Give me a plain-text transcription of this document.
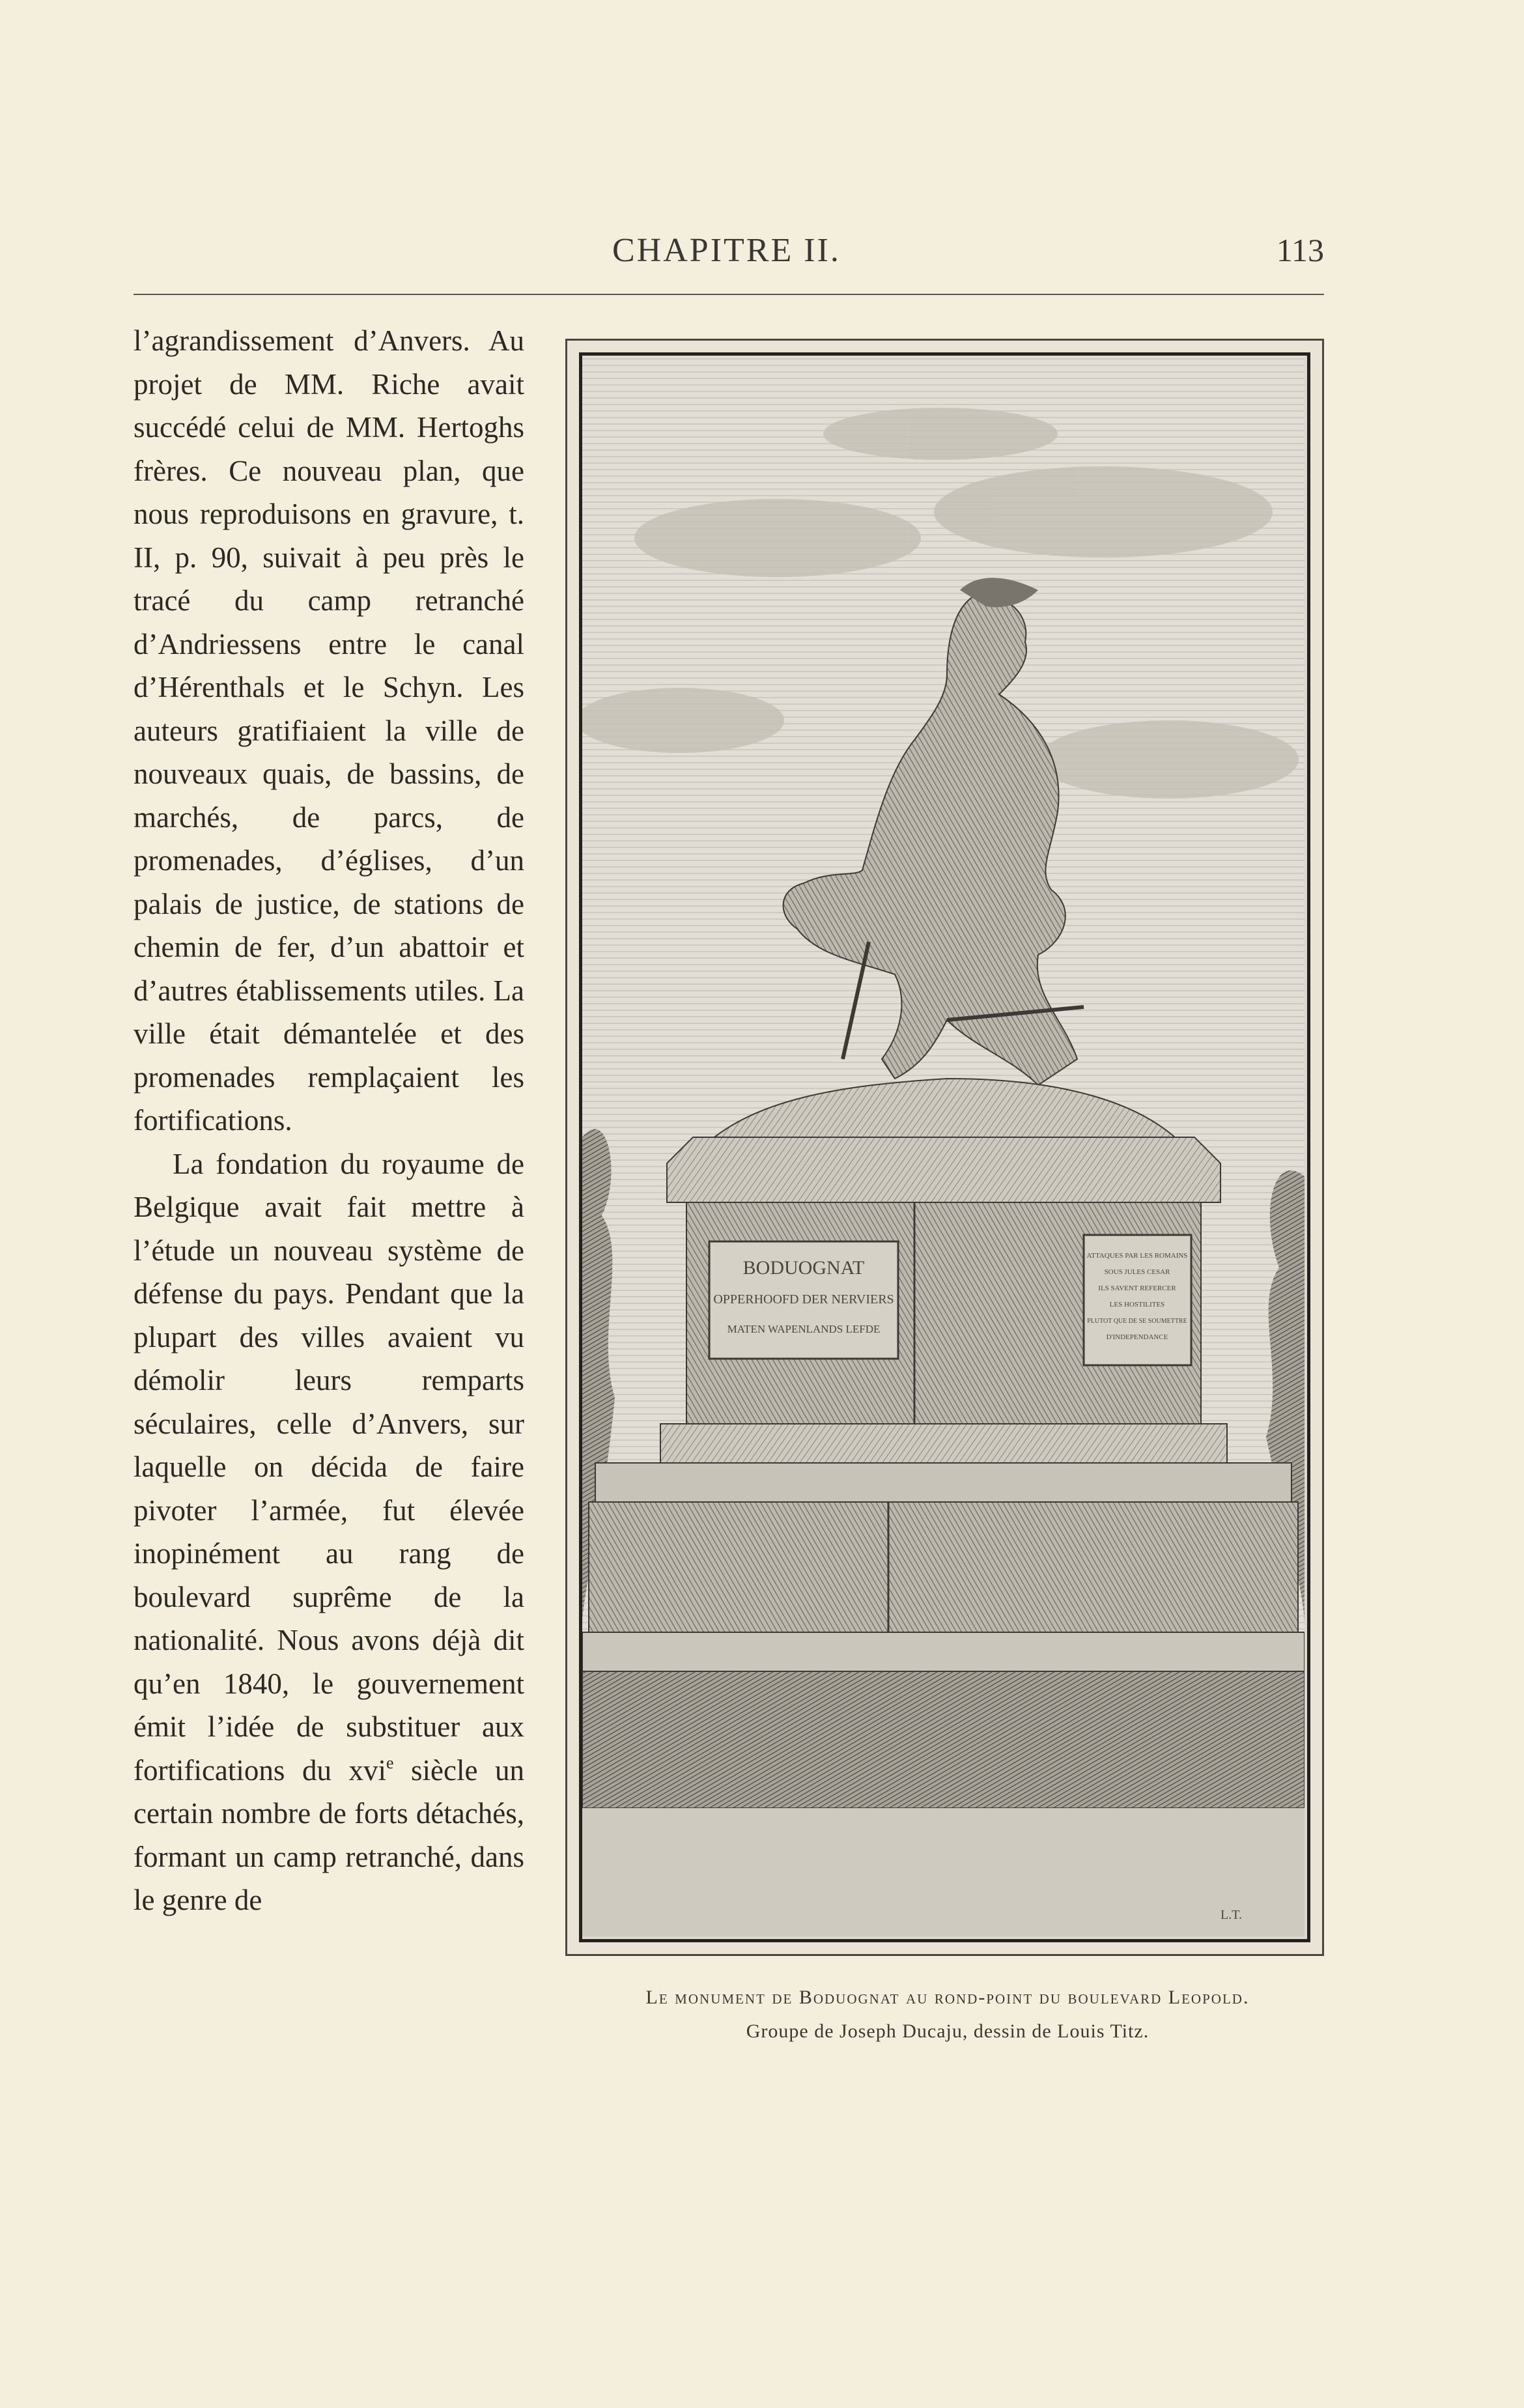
CHAPITRE II.	113

l’agrandissement d’Anvers. Au projet de MM. Riche avait succédé celui de MM. Hertoghs frères. Ce nouveau plan, que nous reproduisons en gravure, t. II, p. 90, suivait à peu près le tracé du camp retranché d’Andriessens entre le canal d’Hérenthals et le Schyn. Les auteurs gratifiaient la ville de nouveaux quais, de bassins, de marchés, de parcs, de promenades, d’églises, d’un palais de justice, de stations de chemin de fer, d’un abattoir et d’autres établissements utiles. La ville était démantelée et des promenades remplaçaient les fortifications.

La fondation du royaume de Belgique avait fait mettre à l’étude un nouveau système de défense du pays. Pendant que la plupart des villes avaient vu démolir leurs remparts séculaires, celle d’Anvers, sur laquelle on décida de faire pivoter l’armée, fut élevée inopinément au rang de boulevard suprême de la nationalité. Nous avons déjà dit qu’en 1840, le gouvernement émit l’idée de substituer aux fortifications du xvi$^e$ siècle un certain nombre de forts détachés, formant un camp retranché, dans le genre de

BODUOGNAT
OPPERHOOFD DER NERVIERS
MATEN WAPENLANDS LEFDE
ATTAQUES PAR LES ROMAINS
SOUS JULES CESAR
ILS SAVENT REFERCER
LES HOSTILITES
PLUTOT QUE DE SE SOUMETTRE
D'INDEPENDANCE
L.T.
Le monument de Boduognat au rond-point du boulevard Leopold.
Groupe de Joseph Ducaju, dessin de Louis Titz.
